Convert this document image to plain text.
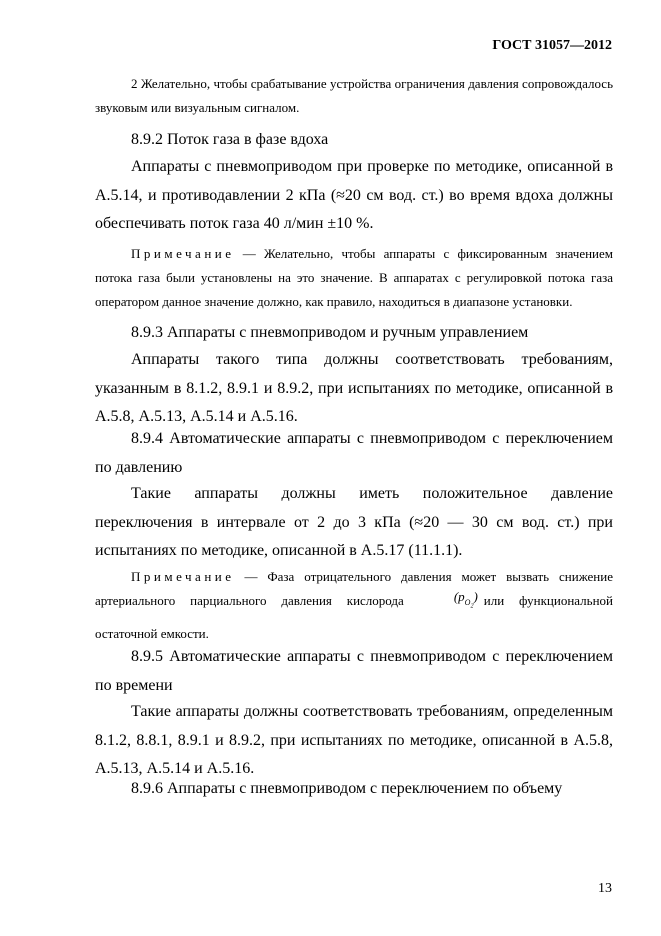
ГОСТ 31057—2012
2 Желательно, чтобы срабатывание устройства ограничения давления сопровождалось звуковым или визуальным сигналом.
8.9.2 Поток газа в фазе вдоха
Аппараты с пневмоприводом при проверке по методике, описанной в А.5.14, и противодавлении 2 кПа (≈20 см вод. ст.) во время вдоха должны обеспечивать поток газа 40 л/мин ±10 %.
Примечание — Желательно, чтобы аппараты с фиксированным значением потока газа были установлены на это значение. В аппаратах с регулировкой потока газа оператором данное значение должно, как правило, находиться в диапазоне установки.
8.9.3 Аппараты с пневмоприводом и ручным управлением
Аппараты такого типа должны соответствовать требованиям, указанным в 8.1.2, 8.9.1 и 8.9.2, при испытаниях по методике, описанной в А.5.8, А.5.13, А.5.14 и А.5.16.
8.9.4 Автоматические аппараты с пневмоприводом с переключением по давлению
Такие аппараты должны иметь положительное давление переключения в интервале от 2 до 3 кПа (≈20 — 30 см вод. ст.) при испытаниях по методике, описанной в А.5.17 (11.1.1).
Примечание — Фаза отрицательного давления может вызвать снижение артериального парциального давления кислорода	$(p_{O_2})$ или функциональной остаточной емкости.
8.9.5 Автоматические аппараты с пневмоприводом с переключением по времени
Такие аппараты должны соответствовать требованиям, определенным 8.1.2, 8.8.1, 8.9.1 и 8.9.2, при испытаниях по методике, описанной в А.5.8, А.5.13, А.5.14 и А.5.16.
8.9.6 Аппараты с пневмоприводом с переключением по объему
13
